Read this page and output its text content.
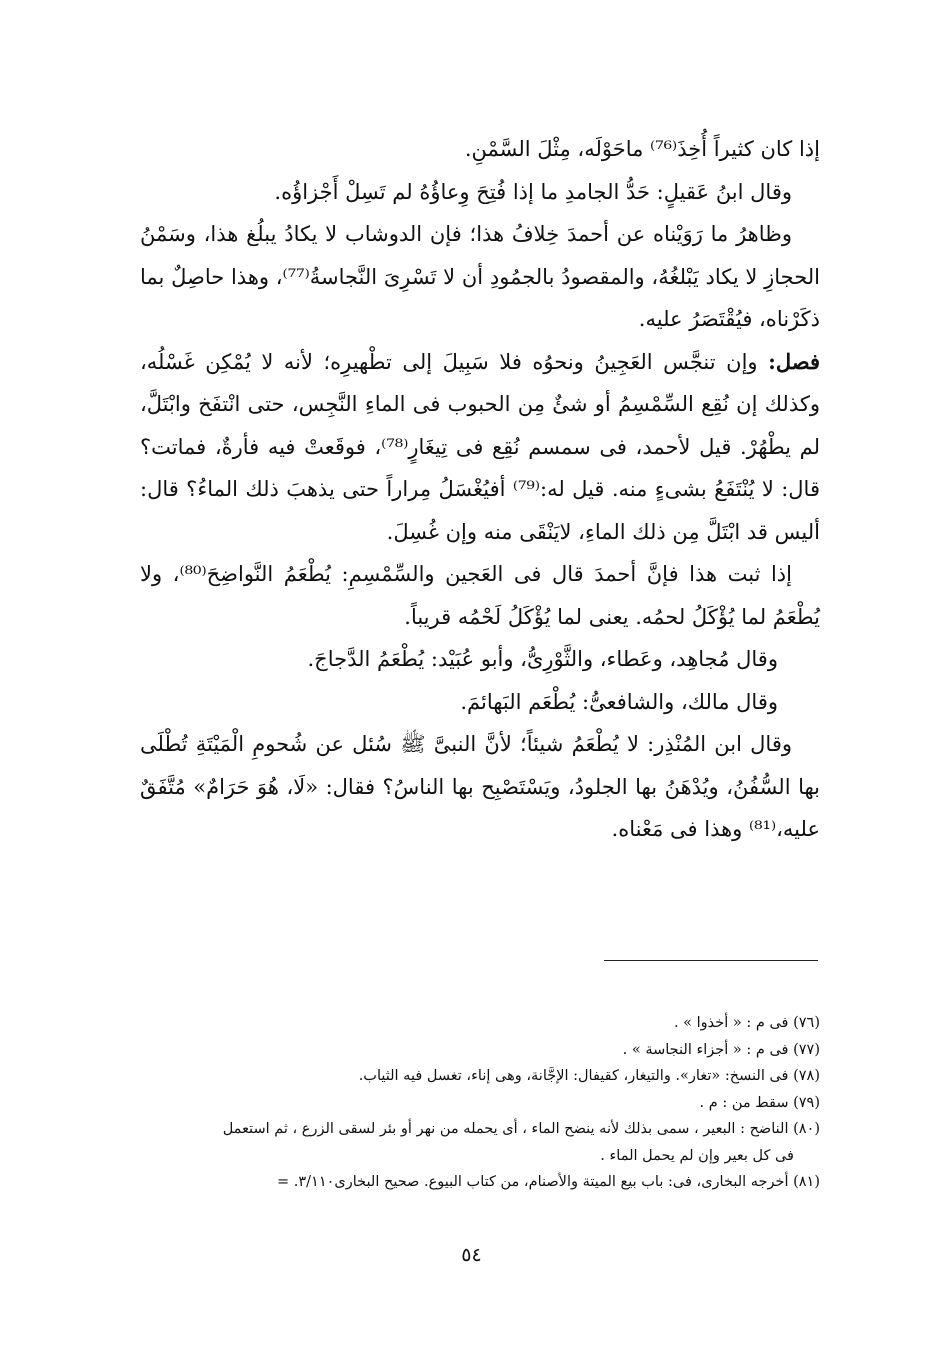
إذا كان كثيراً أُخِذَ⁽⁷⁶⁾ ماحَوْلَه، مِثْلَ السَّمْنِ.

وقال ابنُ عَقيلٍ: حَدُّ الجامدِ ما إذا فُتِحَ وِعاؤُهُ لم تَسِلْ أَجْزاؤُه.

وظاهرُ ما رَوَيْناه عن أحمدَ خِلافُ هذا؛ فإن الدوشاب لا يكادُ يبلُغ هذا، وسَمْنُ الحجازِ لا يكاد يَبْلغُهُ، والمقصودُ بالجمُودِ أن لا تَسْرِىَ النَّجاسةُ⁽⁷⁷⁾، وهذا حاصِلٌ بما ذكَرْناه، فيُقْتَصَرُ عليه.

فصل: وإن تنجَّس العَجِينُ ونحوُه فلا سَبِيلَ إلى تطْهيرِه؛ لأنه لا يُمْكِن غَسْلُه، وكذلك إن نُقِع السِّمْسِمُ أو شئٌ مِن الحبوب فى الماءِ النَّجِس، حتى انْتفَخ وابْتَلَّ، لم يطْهُرْ. قيل لأحمد، فى سمسم نُقِع فى تِيغَارٍ⁽⁷⁸⁾، فوقَعتْ فيه فأرةٌ، فماتت؟ قال: لا يُنْتَفَعُ بشىءٍ منه. قيل له:⁽⁷⁹⁾ أفيُغْسَلُ مِراراً حتى يذهبَ ذلك الماءُ؟ قال: أليس قد ابْتَلَّ مِن ذلك الماءِ، لايَنْقَى منه وإن غُسِلَ.

إذا ثبت هذا فإنَّ أحمدَ قال فى العَجين والسِّمْسِمِ: يُطْعَمُ النَّواضِحَ⁽⁸⁰⁾، ولا يُطْعَمُ لما يُؤْكَلُ لحمُه. يعنى لما يُؤْكَلُ لَحْمُه قريباً.

وقال مُجاهِد، وعَطاء، والثَّوْرِىُّ، وأبو عُبَيْد: يُطْعَمُ الدَّجاجَ.

وقال مالك، والشافعىُّ: يُطْعَم البَهائمَ.

وقال ابن المُنْذِر: لا يُطْعَمُ شيئاً؛ لأنَّ النبىَّ ﷺ سُئل عن شُحومِ الْمَيْتَةِ تُطْلَى بها السُّفُنُ، ويُدْهَنُ بها الجلودُ، ويَسْتَصْبِح بها الناسُ؟ فقال: «لَا، هُوَ حَرَامٌ» مُتَّفَقٌ عليه،⁽⁸¹⁾ وهذا فى مَعْناه.

(٧٦) فى م : « أخذوا » .

(٧٧) فى م : « أجزاء النجاسة » .

(٧٨) فى النسخ: «تغار». والتيغار، كقيفال: الإجَّانة، وهى إناء، تغسل فيه الثياب.

(٧٩) سقط من : م .

(٨٠) الناضح : البعير ، سمى بذلك لأنه ينضح الماء ، أى يحمله من نهر أو بئر لسقى الزرع ، ثم استعمل

فى كل بعير وإن لم يحمل الماء .

(٨١) أخرجه البخارى، فى: باب بيع الميتة والأصنام، من كتاب البيوع. صحيح البخارى٣/١١٠. =

٥٤
